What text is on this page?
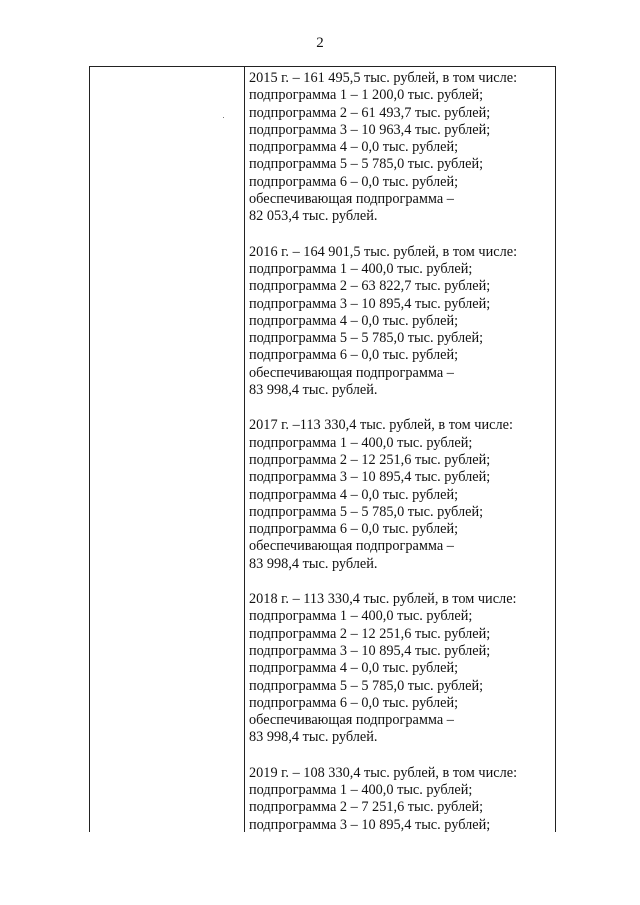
2
2015 г. – 161 495,5 тыс. рублей, в том числе:
подпрограмма 1 – 1 200,0 тыс. рублей;
подпрограмма 2 – 61 493,7 тыс. рублей;
подпрограмма 3 – 10 963,4 тыс. рублей;
подпрограмма 4 – 0,0 тыс. рублей;
подпрограмма 5 – 5 785,0 тыс. рублей;
подпрограмма 6 – 0,0 тыс. рублей;
обеспечивающая подпрограмма –
82 053,4 тыс. рублей.
2016 г. – 164 901,5 тыс. рублей, в том числе:
подпрограмма 1 – 400,0 тыс. рублей;
подпрограмма 2 – 63 822,7 тыс. рублей;
подпрограмма 3 – 10 895,4 тыс. рублей;
подпрограмма 4 – 0,0 тыс. рублей;
подпрограмма 5 – 5 785,0 тыс. рублей;
подпрограмма 6 – 0,0 тыс. рублей;
обеспечивающая подпрограмма –
83 998,4 тыс. рублей.
2017 г. –113 330,4 тыс. рублей, в том числе:
подпрограмма 1 – 400,0 тыс. рублей;
подпрограмма 2 – 12 251,6 тыс. рублей;
подпрограмма 3 – 10 895,4 тыс. рублей;
подпрограмма 4 – 0,0 тыс. рублей;
подпрограмма 5 – 5 785,0 тыс. рублей;
подпрограмма 6 – 0,0 тыс. рублей;
обеспечивающая подпрограмма –
83 998,4 тыс. рублей.
2018 г. – 113 330,4 тыс. рублей, в том числе:
подпрограмма 1 – 400,0 тыс. рублей;
подпрограмма 2 – 12 251,6 тыс. рублей;
подпрограмма 3 – 10 895,4 тыс. рублей;
подпрограмма 4 – 0,0 тыс. рублей;
подпрограмма 5 – 5 785,0 тыс. рублей;
подпрограмма 6 – 0,0 тыс. рублей;
обеспечивающая подпрограмма –
83 998,4 тыс. рублей.
2019 г. – 108 330,4 тыс. рублей, в том числе:
подпрограмма 1 – 400,0 тыс. рублей;
подпрограмма 2 – 7 251,6 тыс. рублей;
подпрограмма 3 – 10 895,4 тыс. рублей;
